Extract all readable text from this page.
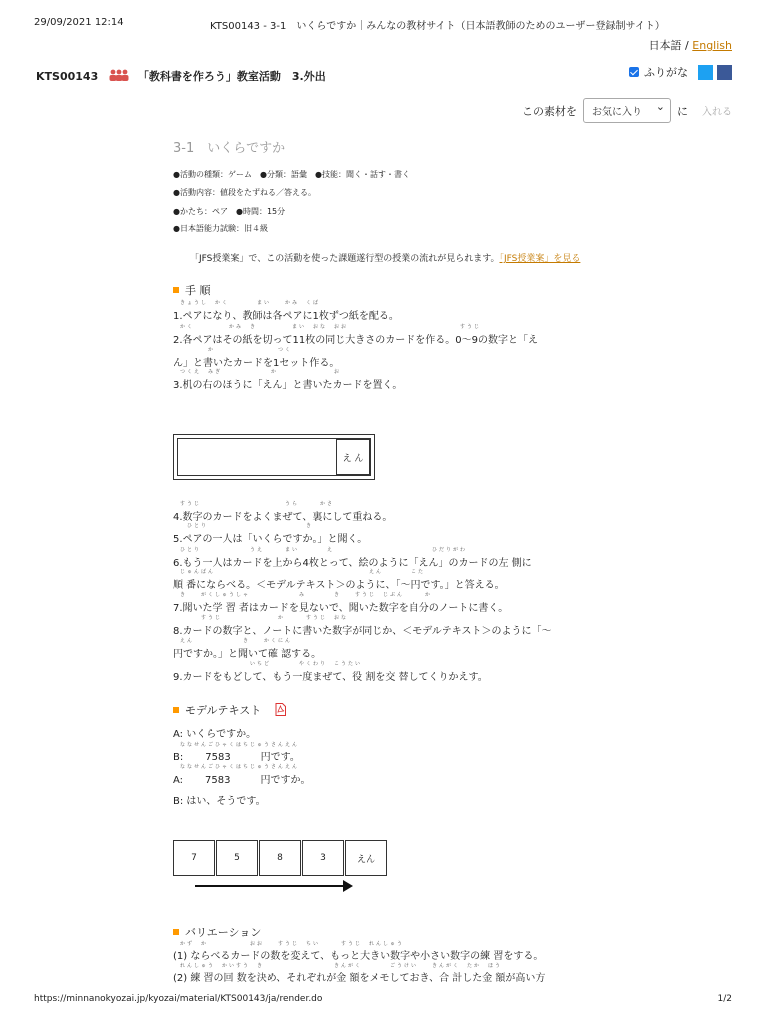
29/09/2021 12:14	KTS00143 - 3-1　いくらですか｜みんなの教材サイト（日本語教師のためのユーザー登録制サイト）
日本語 / English
KTS00143	「教科書を作ろう」教室活動　3.外出	ふりがな
この素材を	お気に入り ⌄	に 入れる
3-1　いくらですか
●活動の種類：ゲーム　●分類：語彙　●技能：聞く・話す・書く
●活動内容：値段をたずねる／答える。
●かたち：ペア　●時間：15分
●日本語能力試験：旧４級
「JFS授業案」で、この活動を使った課題遂行型の授業の流れが見られます。「JFS授業案」を見る
手 順
きょうし　かく　　　　まい　　かみ　くば
1.ペアになり、教師は各ペアに1枚ずつ紙を配る。
かく　　　　　かみ　き　　　　　まい　おな　おお　　　　　　　　　　　　　　　　すうじ
2.各ペアはその紙を切って11枚の同じ大きさのカードを作る。0～9の数字と「え
　　　　か　　　　　　　　　つく
ん」と書いたカードを1セット作る。
つくえ　みぎ　　　　　　　か　　　　　　　　お
3.机の右のほうに「えん」と書いたカードを置く。
え ん
すうじ　　　　　　　　　　　　うら　　　かさ
4.数字のカードをよくまぜて、裏にして重ねる。
　ひとり　　　　　　　　　　　　　　き
5.ペアの一人は「いくらですか。」と聞く。
ひとり　　　　　　　うえ　　　まい　　　　え　　　　　　　　　　　　　　ひだりがわ
6.もう一人はカードを上から4枚とって、絵のように「えん」のカードの左 側に
じゅんばん　　　　　　　　　　　　　　　　　　　　　　えん　　　　こた
順 番にならべる。＜モデルテキスト＞のように、「～円です。」と答える。
き　　がくしゅうしゃ　　　　　　　み　　　　き　　すうじ　じぶん　　　か
7.聞いた学 習 者はカードを見ないで、聞いた数字を自分のノートに書く。
　　　すうじ　　　　　　　　か　　　すうじ　おな
8.カードの数字と、ノートに書いた数字が同じか、＜モデルテキスト＞のように「～
えん　　　　　　　き　　かくにん
円ですか。」と聞いて確 認する。
　　　　　　　　　　いちど　　　　やくわり　こうたい
9.カードをもどして、もう一度まぜて、役 割を交 替してくりかえす。
モデルテキスト
A: いくらですか。
ななせんごひゃくはちじゅうさんえん
B: 7583　　　円です。
ななせんごひゃくはちじゅうさんえん
A: 7583　　　円ですか。
B: はい、そうです。
7	5	8	3	えん
バリエーション
かず　か　　　　　　おお　　すうじ　ちい　　　すうじ　れんしゅう
(1) ならべるカードの数を変えて、もっと大きい数字や小さい数字の練 習をする。
れんしゅう　かいすう　き　　　　　　　　　　きんがく　　　　ごうけい　　きんがく　たか　ほう
(2) 練 習の回 数を決め、それぞれが金 額をメモしておき、合 計した金 額が高い方
https://minnanokyozai.jp/kyozai/material/KTS00143/ja/render.do	1/2
